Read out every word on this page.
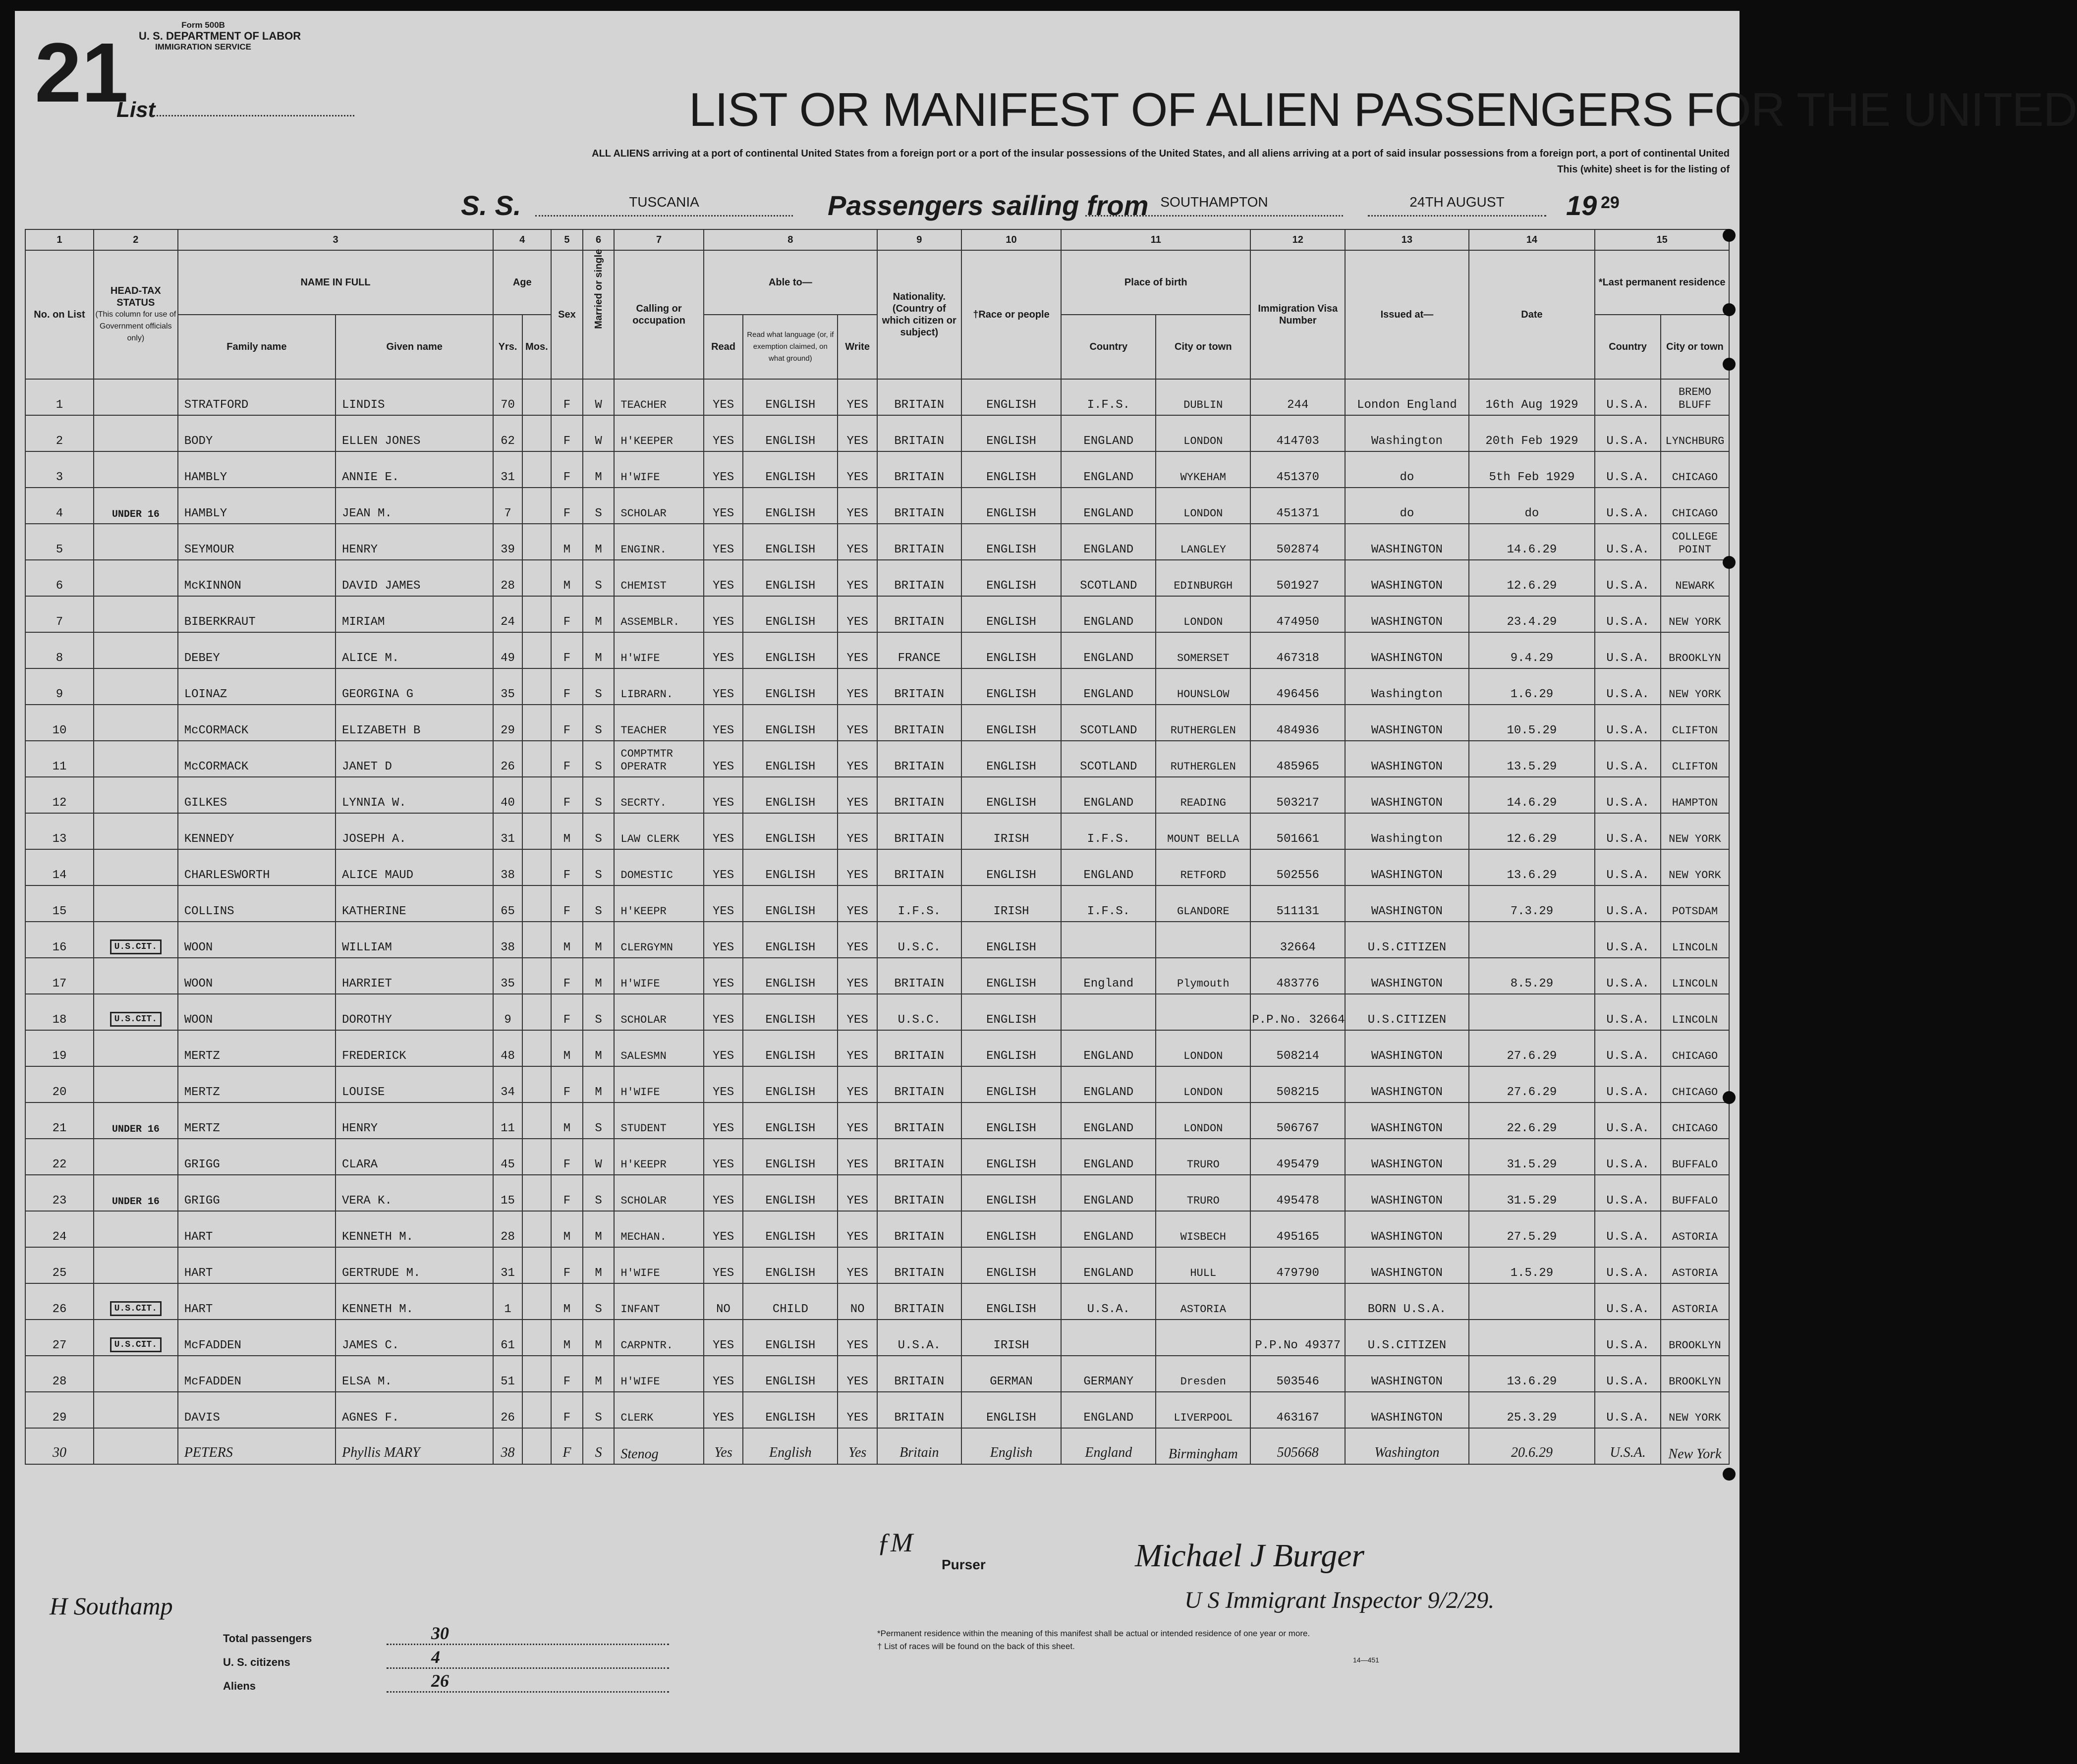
Form 500B
U. S. DEPARTMENT OF LABOR
IMMIGRATION SERVICE
21
List	LIST OR MANIFEST OF ALIEN PASSENGERS FOR THE UNITED
ALL ALIENS arriving at a port of continental United States from a foreign port or a port of the insular possessions of the United States, and all aliens arriving at a port of said insular possessions from a foreign port, a port of continental United
This (white) sheet is for the listing of
S. S.	TUSCANIA	Passengers sailing from SOUTHAMPTON	24TH AUGUST	19 29
1	2	3		4		5	6	7	8			9	10	11		12	13	14	15	
No. on List	HEAD-TAX STATUS
(This column for use of Government officials only)	NAME IN FULL		Age		Sex	Married or single	Calling or occupation	Able to—			Nationality. (Country of which citizen or subject)	†Race or people	Place of birth		Immigration Visa Number	Issued at—	Date	*Last permanent residence	
		Family name	Given name	Yrs.	Mos.				Read	Read what language (or, if exemption claimed, on what ground)	Write			Country	City or town				Country	City or town
1		STRATFORD	LINDIS	70		F	W	TEACHER	YES	ENGLISH	YES	BRITAIN	ENGLISH	I.F.S.	DUBLIN	244	London England	16th Aug 1929	U.S.A.	BREMO BLUFF
2		BODY	ELLEN JONES	62		F	W	H'KEEPER	YES	ENGLISH	YES	BRITAIN	ENGLISH	ENGLAND	LONDON	414703	Washington	20th Feb 1929	U.S.A.	LYNCHBURG
3		HAMBLY	ANNIE E.	31		F	M	H'WIFE	YES	ENGLISH	YES	BRITAIN	ENGLISH	ENGLAND	WYKEHAM	451370	do	5th Feb 1929	U.S.A.	CHICAGO
4	UNDER 16	HAMBLY	JEAN M.	7		F	S	SCHOLAR	YES	ENGLISH	YES	BRITAIN	ENGLISH	ENGLAND	LONDON	451371	do	do	U.S.A.	CHICAGO
5		SEYMOUR	HENRY	39		M	M	ENGINR.	YES	ENGLISH	YES	BRITAIN	ENGLISH	ENGLAND	LANGLEY	502874	WASHINGTON	14.6.29	U.S.A.	COLLEGE POINT
6		McKINNON	DAVID JAMES	28		M	S	CHEMIST	YES	ENGLISH	YES	BRITAIN	ENGLISH	SCOTLAND	EDINBURGH	501927	WASHINGTON	12.6.29	U.S.A.	NEWARK
7		BIBERKRAUT	MIRIAM	24		F	M	ASSEMBLR.	YES	ENGLISH	YES	BRITAIN	ENGLISH	ENGLAND	LONDON	474950	WASHINGTON	23.4.29	U.S.A.	NEW YORK
8		DEBEY	ALICE M.	49		F	M	H'WIFE	YES	ENGLISH	YES	FRANCE	ENGLISH	ENGLAND	SOMERSET	467318	WASHINGTON	9.4.29	U.S.A.	BROOKLYN
9		LOINAZ	GEORGINA G	35		F	S	LIBRARN.	YES	ENGLISH	YES	BRITAIN	ENGLISH	ENGLAND	HOUNSLOW	496456	Washington	1.6.29	U.S.A.	NEW YORK
10		McCORMACK	ELIZABETH B	29		F	S	TEACHER	YES	ENGLISH	YES	BRITAIN	ENGLISH	SCOTLAND	RUTHERGLEN	484936	WASHINGTON	10.5.29	U.S.A.	CLIFTON
11		McCORMACK	JANET D	26		F	S	COMPTMTR OPERATR	YES	ENGLISH	YES	BRITAIN	ENGLISH	SCOTLAND	RUTHERGLEN	485965	WASHINGTON	13.5.29	U.S.A.	CLIFTON
12		GILKES	LYNNIA W.	40		F	S	SECRTY.	YES	ENGLISH	YES	BRITAIN	ENGLISH	ENGLAND	READING	503217	WASHINGTON	14.6.29	U.S.A.	HAMPTON
13		KENNEDY	JOSEPH A.	31		M	S	LAW CLERK	YES	ENGLISH	YES	BRITAIN	IRISH	I.F.S.	MOUNT BELLA	501661	Washington	12.6.29	U.S.A.	NEW YORK
14		CHARLESWORTH	ALICE MAUD	38		F	S	DOMESTIC	YES	ENGLISH	YES	BRITAIN	ENGLISH	ENGLAND	RETFORD	502556	WASHINGTON	13.6.29	U.S.A.	NEW YORK
15		COLLINS	KATHERINE	65		F	S	H'KEEPR	YES	ENGLISH	YES	I.F.S.	IRISH	I.F.S.	GLANDORE	511131	WASHINGTON	7.3.29	U.S.A.	POTSDAM
16	U.S.CIT.	WOON	WILLIAM	38		M	M	CLERGYMN	YES	ENGLISH	YES	U.S.C.	ENGLISH			32664	U.S.CITIZEN		U.S.A.	LINCOLN
17		WOON	HARRIET	35		F	M	H'WIFE	YES	ENGLISH	YES	BRITAIN	ENGLISH	England	Plymouth	483776	WASHINGTON	8.5.29	U.S.A.	LINCOLN
18	U.S.CIT.	WOON	DOROTHY	9		F	S	SCHOLAR	YES	ENGLISH	YES	U.S.C.	ENGLISH			P.P.No. 32664	U.S.CITIZEN		U.S.A.	LINCOLN
19		MERTZ	FREDERICK	48		M	M	SALESMN	YES	ENGLISH	YES	BRITAIN	ENGLISH	ENGLAND	LONDON	508214	WASHINGTON	27.6.29	U.S.A.	CHICAGO
20		MERTZ	LOUISE	34		F	M	H'WIFE	YES	ENGLISH	YES	BRITAIN	ENGLISH	ENGLAND	LONDON	508215	WASHINGTON	27.6.29	U.S.A.	CHICAGO
21	UNDER 16	MERTZ	HENRY	11		M	S	STUDENT	YES	ENGLISH	YES	BRITAIN	ENGLISH	ENGLAND	LONDON	506767	WASHINGTON	22.6.29	U.S.A.	CHICAGO
22		GRIGG	CLARA	45		F	W	H'KEEPR	YES	ENGLISH	YES	BRITAIN	ENGLISH	ENGLAND	TRURO	495479	WASHINGTON	31.5.29	U.S.A.	BUFFALO
23	UNDER 16	GRIGG	VERA K.	15		F	S	SCHOLAR	YES	ENGLISH	YES	BRITAIN	ENGLISH	ENGLAND	TRURO	495478	WASHINGTON	31.5.29	U.S.A.	BUFFALO
24		HART	KENNETH M.	28		M	M	MECHAN.	YES	ENGLISH	YES	BRITAIN	ENGLISH	ENGLAND	WISBECH	495165	WASHINGTON	27.5.29	U.S.A.	ASTORIA
25		HART	GERTRUDE M.	31		F	M	H'WIFE	YES	ENGLISH	YES	BRITAIN	ENGLISH	ENGLAND	HULL	479790	WASHINGTON	1.5.29	U.S.A.	ASTORIA
26	U.S.CIT.	HART	KENNETH M.	1		M	S	INFANT	NO	CHILD	NO	BRITAIN	ENGLISH	U.S.A.	ASTORIA		BORN U.S.A.		U.S.A.	ASTORIA
27	U.S.CIT.	McFADDEN	JAMES C.	61		M	M	CARPNTR.	YES	ENGLISH	YES	U.S.A.	IRISH			P.P.No 49377	U.S.CITIZEN		U.S.A.	BROOKLYN
28		McFADDEN	ELSA M.	51		F	M	H'WIFE	YES	ENGLISH	YES	BRITAIN	GERMAN	GERMANY	Dresden	503546	WASHINGTON	13.6.29	U.S.A.	BROOKLYN
29		DAVIS	AGNES F.	26		F	S	CLERK	YES	ENGLISH	YES	BRITAIN	ENGLISH	ENGLAND	LIVERPOOL	463167	WASHINGTON	25.3.29	U.S.A.	NEW YORK
30		PETERS	Phyllis MARY	38		F	S	Stenog	Yes	English	Yes	Britain	English	England	Birmingham	505668	Washington	20.6.29	U.S.A.	New York
ƒM︎
Purser	Michael J Burger
U S Immigrant Inspector 9/2/29.
H Southamp
Total passengers	30
U. S. citizens	4
Aliens	26
*Permanent residence within the meaning of this manifest shall be actual or intended residence of one year or more.
† List of races will be found on the back of this sheet.
14—451
